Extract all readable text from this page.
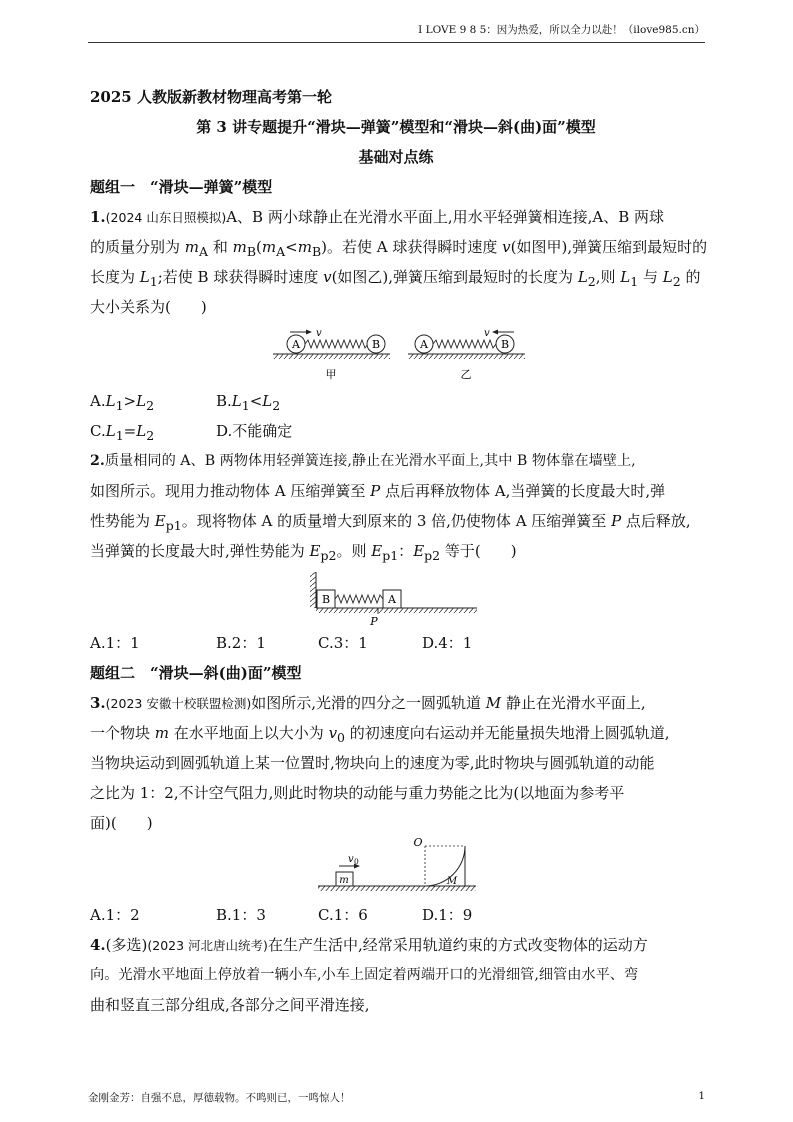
I LOVE 9 8 5：因为热爱，所以全力以赴！（ilove985.cn）
2025 人教版新教材物理高考第一轮
第 3 讲专题提升“滑块—弹簧”模型和“滑块—斜(曲)面”模型
基础对点练
题组一　“滑块—弹簧”模型
1.(2024 山东日照模拟)A、B 两小球静止在光滑水平面上,用水平轻弹簧相连接,A、B 两球
的质量分别为 $m_A$ 和 $m_B(m_A<m_B)$。若使 A 球获得瞬时速度 v(如图甲),弹簧压缩到最短时的
长度为 $L_1$;若使 B 球获得瞬时速度 v(如图乙),弹簧压缩到最短时的长度为 $L_2$,则 $L_1$ 与 $L_2$ 的
大小关系为(　　)
A	B
v
甲
A	B
v
乙
$A.L_1>L_2$	$B.L_1<L_2$
$C.L_1=L_2$	D.不能确定
2.质量相同的 A、B 两物体用轻弹簧连接,静止在光滑水平面上,其中 B 物体靠在墙壁上,
如图所示。现用力推动物体 A 压缩弹簧至 P 点后再释放物体 A,当弹簧的长度最大时,弹
性势能为 $E_{p1}$。现将物体 A 的质量增大到原来的 3 倍,仍使物体 A 压缩弹簧至 P 点后释放,
当弹簧的长度最大时,弹性势能为 $E_{p2}$。则 $E_{p1}$：$E_{p2}$ 等于(　　)
B	A
P
A.1：1	B.2：1	C.3：1	D.4：1
题组二　“滑块—斜(曲)面”模型
3.(2023 安徽十校联盟检测)如图所示,光滑的四分之一圆弧轨道 M 静止在光滑水平面上,
一个物块 m 在水平地面上以大小为 $v_0$ 的初速度向右运动并无能量损失地滑上圆弧轨道,
当物块运动到圆弧轨道上某一位置时,物块向上的速度为零,此时物块与圆弧轨道的动能
之比为 1：2,不计空气阻力,则此时物块的动能与重力势能之比为(以地面为参考平
面)(　　)
m
v 0
O
M
A.1：2	B.1：3	C.1：6	D.1：9
4.(多选)(2023 河北唐山统考)在生产生活中,经常采用轨道约束的方式改变物体的运动方
向。光滑水平地面上停放着一辆小车,小车上固定着两端开口的光滑细管,细管由水平、弯
曲和竖直三部分组成,各部分之间平滑连接,
金刚金芳：自强不息，厚德载物。不鸣则已，一鸣惊人！	1
